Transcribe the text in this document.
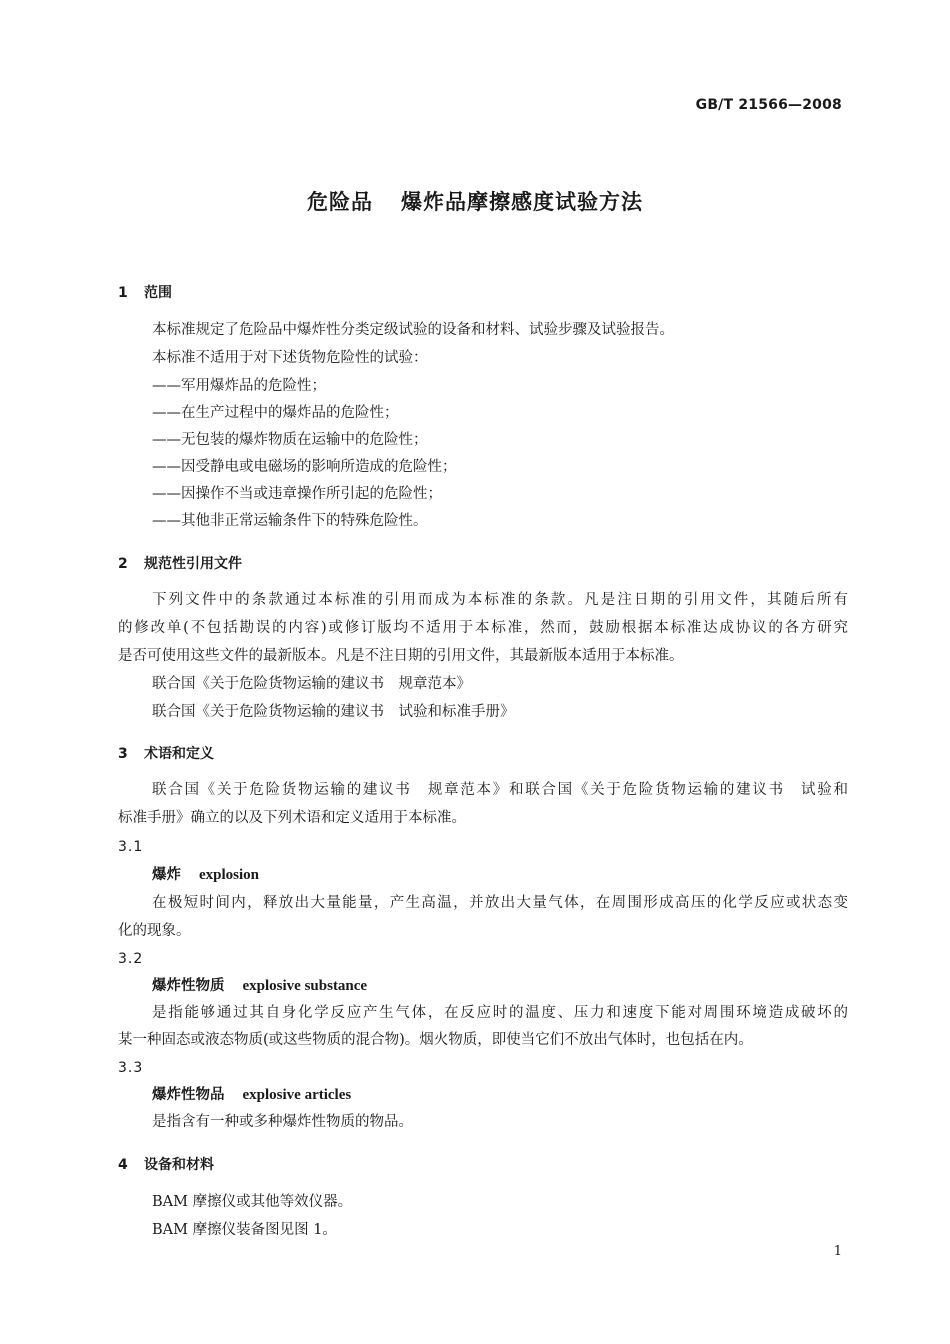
GB/T 21566—2008
危险品 爆炸品摩擦感度试验方法
1 范围
本标准规定了危险品中爆炸性分类定级试验的设备和材料、试验步骤及试验报告。
本标准不适用于对下述货物危险性的试验：
——军用爆炸品的危险性；
——在生产过程中的爆炸品的危险性；
——无包装的爆炸物质在运输中的危险性；
——因受静电或电磁场的影响所造成的危险性；
——因操作不当或违章操作所引起的危险性；
——其他非正常运输条件下的特殊危险性。
2 规范性引用文件
下列文件中的条款通过本标准的引用而成为本标准的条款。凡是注日期的引用文件，其随后所有
的修改单(不包括勘误的内容)或修订版均不适用于本标准，然而，鼓励根据本标准达成协议的各方研究
是否可使用这些文件的最新版本。凡是不注日期的引用文件，其最新版本适用于本标准。
联合国《关于危险货物运输的建议书　规章范本》
联合国《关于危险货物运输的建议书　试验和标准手册》
3 术语和定义
联合国《关于危险货物运输的建议书　规章范本》和联合国《关于危险货物运输的建议书　试验和
标准手册》确立的以及下列术语和定义适用于本标准。
3.1
爆炸 explosion
在极短时间内，释放出大量能量，产生高温，并放出大量气体，在周围形成高压的化学反应或状态变
化的现象。
3.2
爆炸性物质 explosive substance
是指能够通过其自身化学反应产生气体，在反应时的温度、压力和速度下能对周围环境造成破坏的
某一种固态或液态物质(或这些物质的混合物)。烟火物质，即使当它们不放出气体时，也包括在内。
3.3
爆炸性物品 explosive articles
是指含有一种或多种爆炸性物质的物品。
4 设备和材料
BAM 摩擦仪或其他等效仪器。
BAM 摩擦仪装备图见图 1。
1
